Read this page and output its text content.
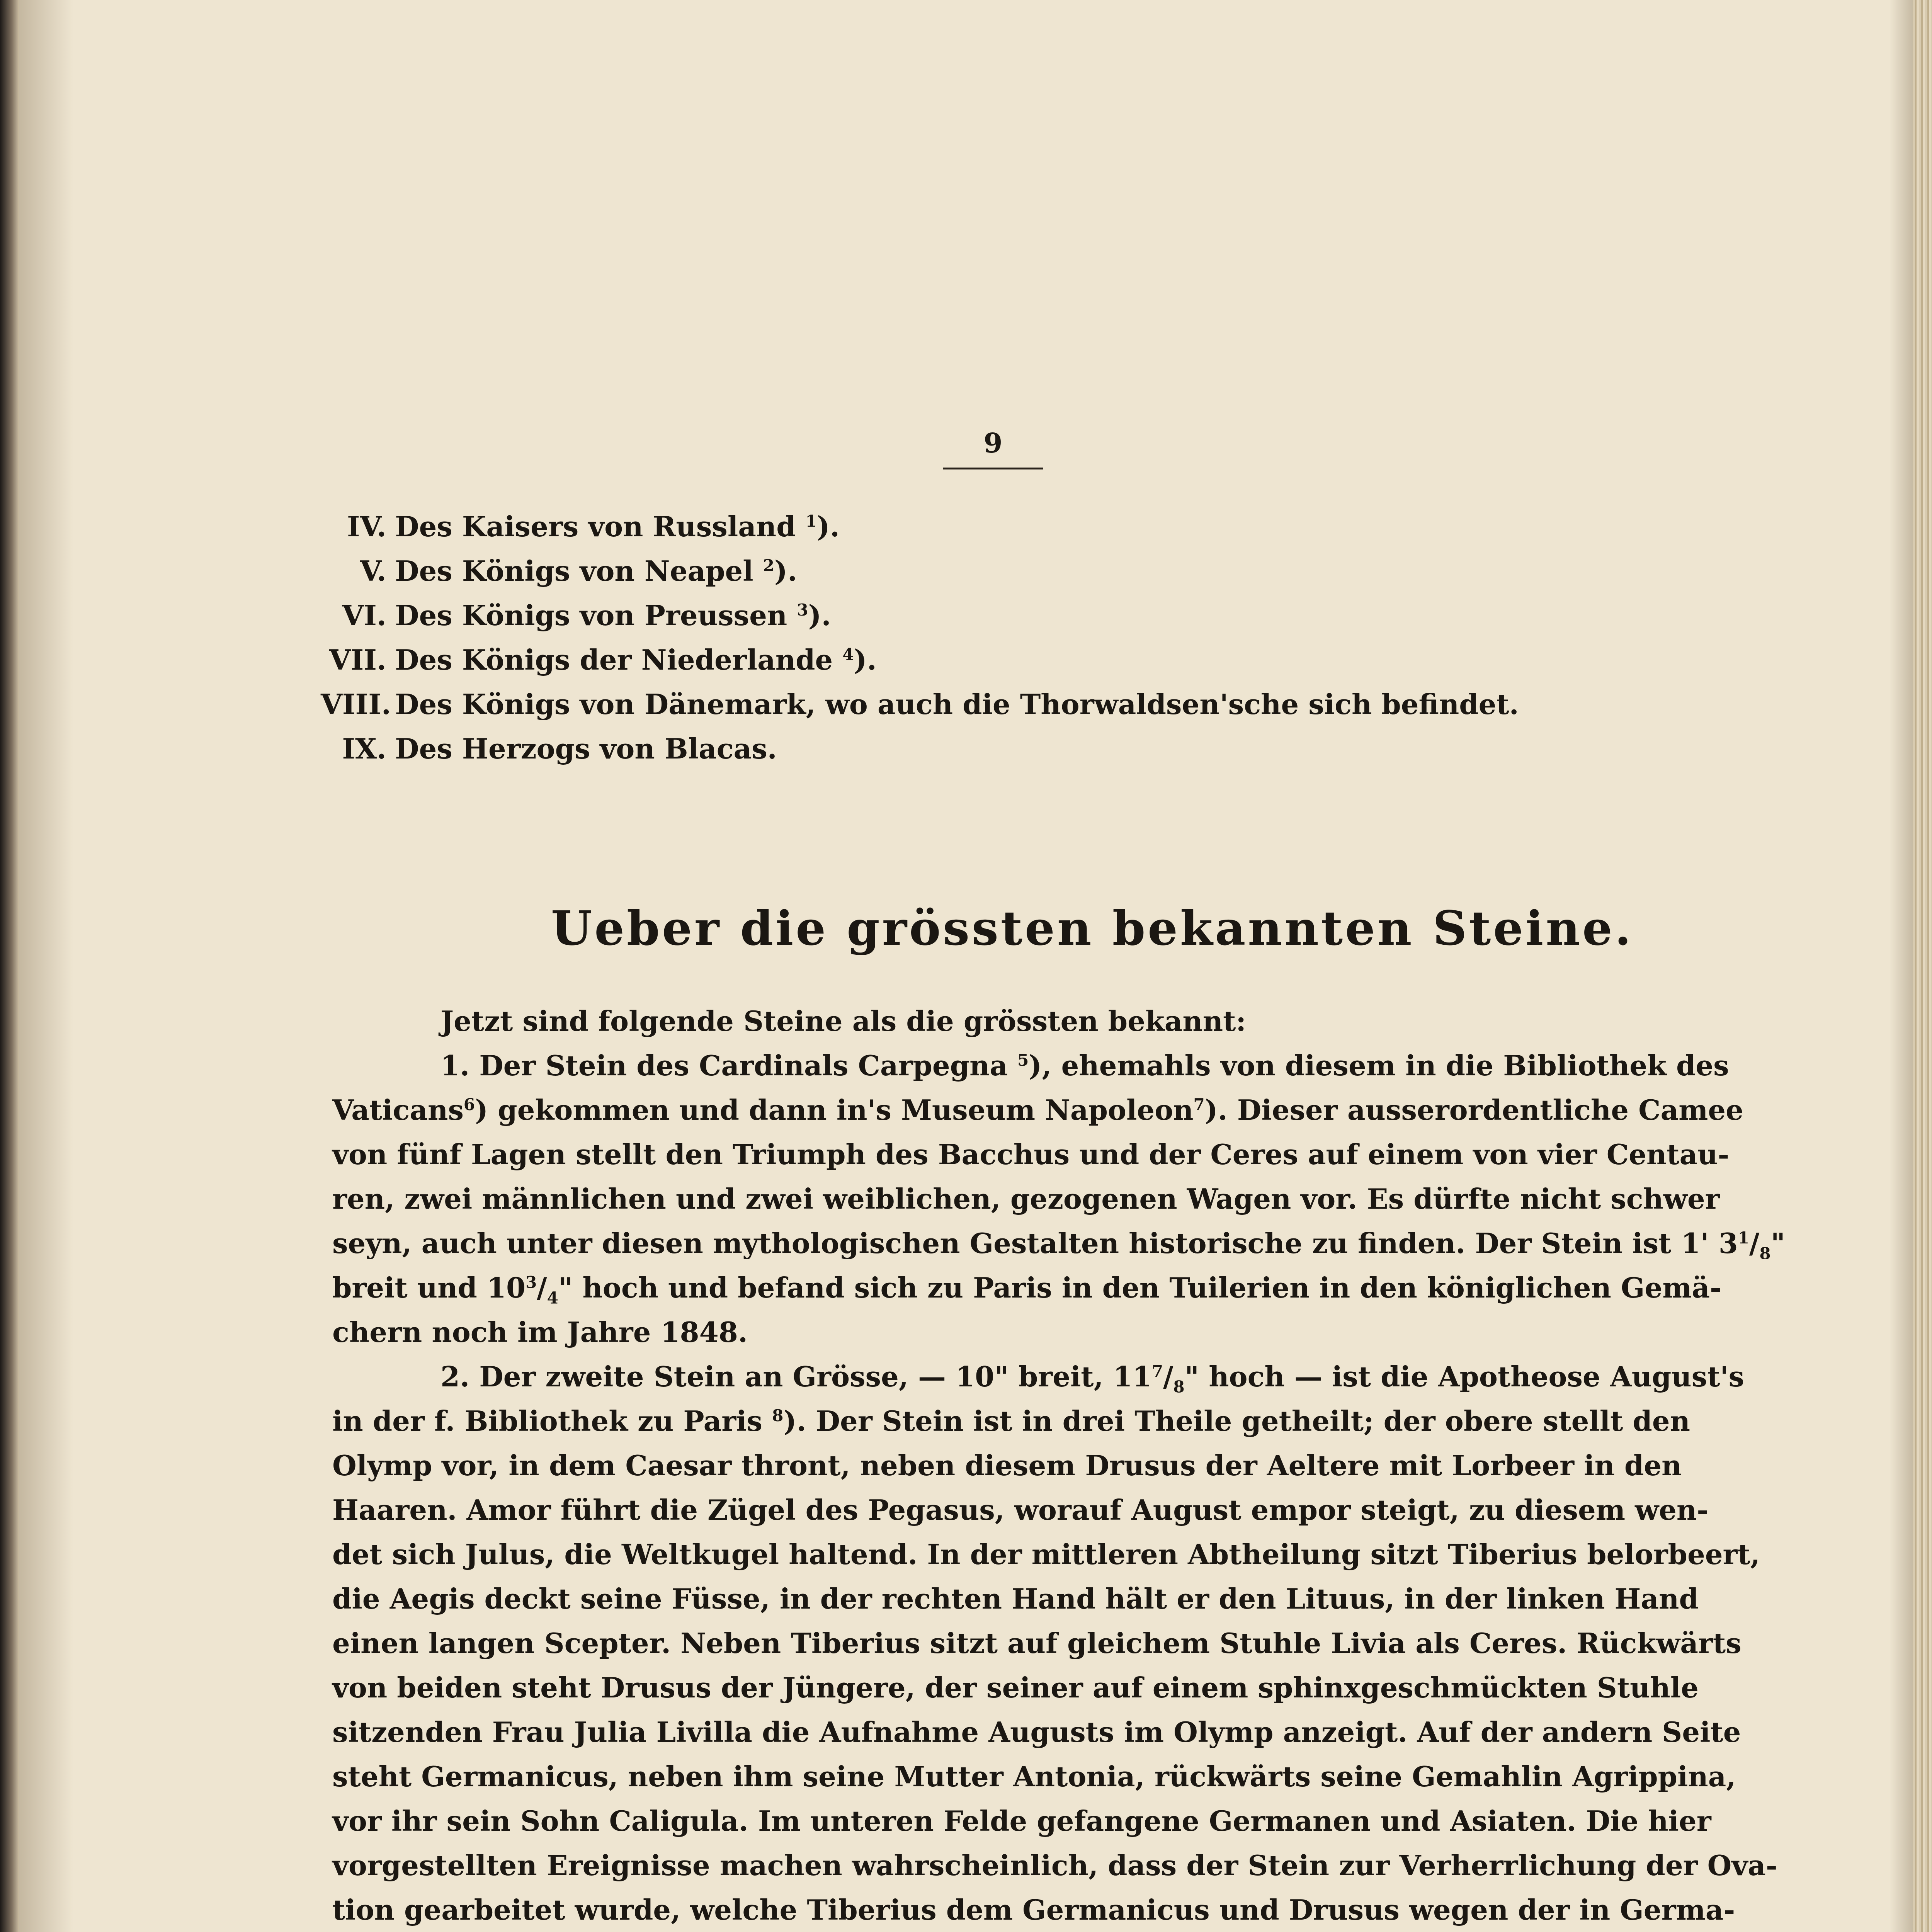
9
IV. Des Kaisers von Russland $^1$).
V. Des Königs von Neapel $^2$).
VI. Des Königs von Preussen $^3$).
VII. Des Königs der Niederlande $^4$).
VIII. Des Königs von Dänemark, wo auch die Thorwaldsen'sche sich befindet.
IX. Des Herzogs von Blacas.
Ueber die grössten bekannten Steine.
Jetzt sind folgende Steine als die grössten bekannt:
1. Der Stein des Cardinals Carpegna $^5$), ehemahls von diesem in die Bibliothek des
Vaticans$^6$) gekommen und dann in's Museum Napoleon$^7$). Dieser ausserordentliche Camee
von fünf Lagen stellt den Triumph des Bacchus und der Ceres auf einem von vier Centau-
ren, zwei männlichen und zwei weiblichen, gezogenen Wagen vor. Es dürfte nicht schwer
seyn, auch unter diesen mythologischen Gestalten historische zu finden. Der Stein ist 1' $3^1/_8$"
breit und $10^3/_4$" hoch und befand sich zu Paris in den Tuilerien in den königlichen Gemä-
chern noch im Jahre 1848.
2. Der zweite Stein an Grösse, — 10" breit, $11^7/_8$" hoch — ist die Apotheose August's
in der f. Bibliothek zu Paris $^8$). Der Stein ist in drei Theile getheilt; der obere stellt den
Olymp vor, in dem Caesar thront, neben diesem Drusus der Aeltere mit Lorbeer in den
Haaren. Amor führt die Zügel des Pegasus, worauf August empor steigt, zu diesem wen-
det sich Julus, die Weltkugel haltend. In der mittleren Abtheilung sitzt Tiberius belorbeert,
die Aegis deckt seine Füsse, in der rechten Hand hält er den Lituus, in der linken Hand
einen langen Scepter. Neben Tiberius sitzt auf gleichem Stuhle Livia als Ceres. Rückwärts
von beiden steht Drusus der Jüngere, der seiner auf einem sphinxgeschmückten Stuhle
sitzenden Frau Julia Livilla die Aufnahme Augusts im Olymp anzeigt. Auf der andern Seite
steht Germanicus, neben ihm seine Mutter Antonia, rückwärts seine Gemahlin Agrippina,
vor ihr sein Sohn Caligula. Im unteren Felde gefangene Germanen und Asiaten. Die hier
vorgestellten Ereignisse machen wahrscheinlich, dass der Stein zur Verherrlichung der Ova-
tion gearbeitet wurde, welche Tiberius dem Germanicus und Drusus wegen der in Germa-
